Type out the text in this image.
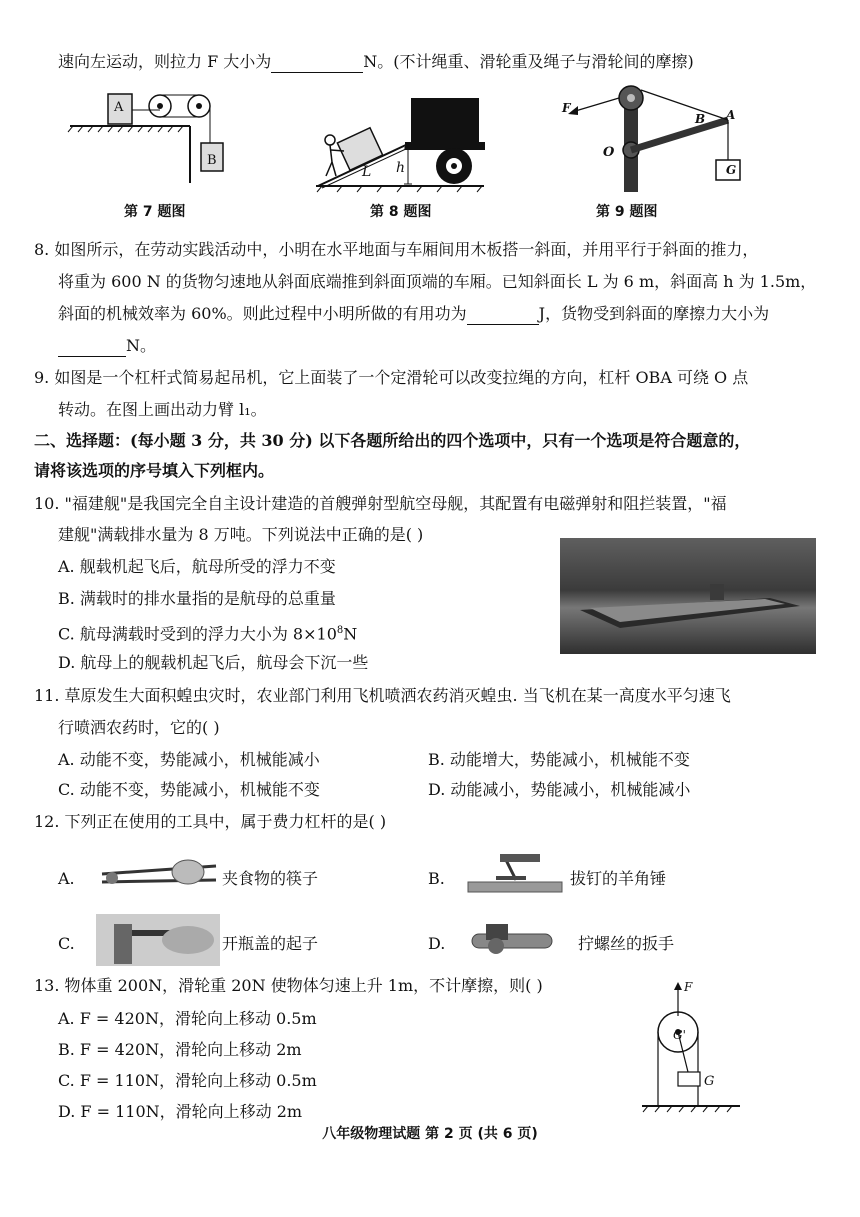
速向左运动，则拉力 F 大小为	N。(不计绳重、滑轮重及绳子与滑轮间的摩擦)
A
B
第 7 题图
L h
第 8 题图
F	A
B
O
G
第 9 题图
8. 如图所示，在劳动实践活动中，小明在水平地面与车厢间用木板搭一斜面，并用平行于斜面的推力，
将重为 600 N 的货物匀速地从斜面底端推到斜面顶端的车厢。已知斜面长 L 为 6 m，斜面高 h 为 1.5m，
斜面的机械效率为 60%。则此过程中小明所做的有用功为	J，货物受到斜面的摩擦力大小为
N。
9. 如图是一个杠杆式简易起吊机，它上面装了一个定滑轮可以改变拉绳的方向，杠杆 OBA 可绕 O 点
转动。在图上画出动力臂 l₁。
二、选择题：(每小题 3 分，共 30 分) 以下各题所给出的四个选项中，只有一个选项是符合题意的，
请将该选项的序号填入下列框内。
10. "福建舰"是我国完全自主设计建造的首艘弹射型航空母舰，其配置有电磁弹射和阻拦装置，"福
建舰"满载排水量为 8 万吨。下列说法中正确的是( )
A. 舰载机起飞后，航母所受的浮力不变
B. 满载时的排水量指的是航母的总重量
C. 航母满载时受到的浮力大小为 $8\times 10^8N$
D. 航母上的舰载机起飞后，航母会下沉一些
11. 草原发生大面积蝗虫灾时，农业部门利用飞机喷洒农药消灭蝗虫. 当飞机在某一高度水平匀速飞
行喷洒农药时，它的( )
A. 动能不变，势能减小，机械能减小	B. 动能增大，势能减小，机械能不变
C. 动能不变，势能减小，机械能不变	D. 动能减小，势能减小，机械能减小
12. 下列正在使用的工具中，属于费力杠杆的是( )
A.	夹食物的筷子	B.	拔钉的羊角锤
C.	开瓶盖的起子	D.	拧螺丝的扳手
13. 物体重 200N，滑轮重 20N 使物体匀速上升 1m，不计摩擦，则( )
A. F = 420N，滑轮向上移动 0.5m
B. F = 420N，滑轮向上移动 2m
C. F = 110N，滑轮向上移动 0.5m
D. F = 110N，滑轮向上移动 2m
F
G'
G
八年级物理试题 第 2 页 (共 6 页)
